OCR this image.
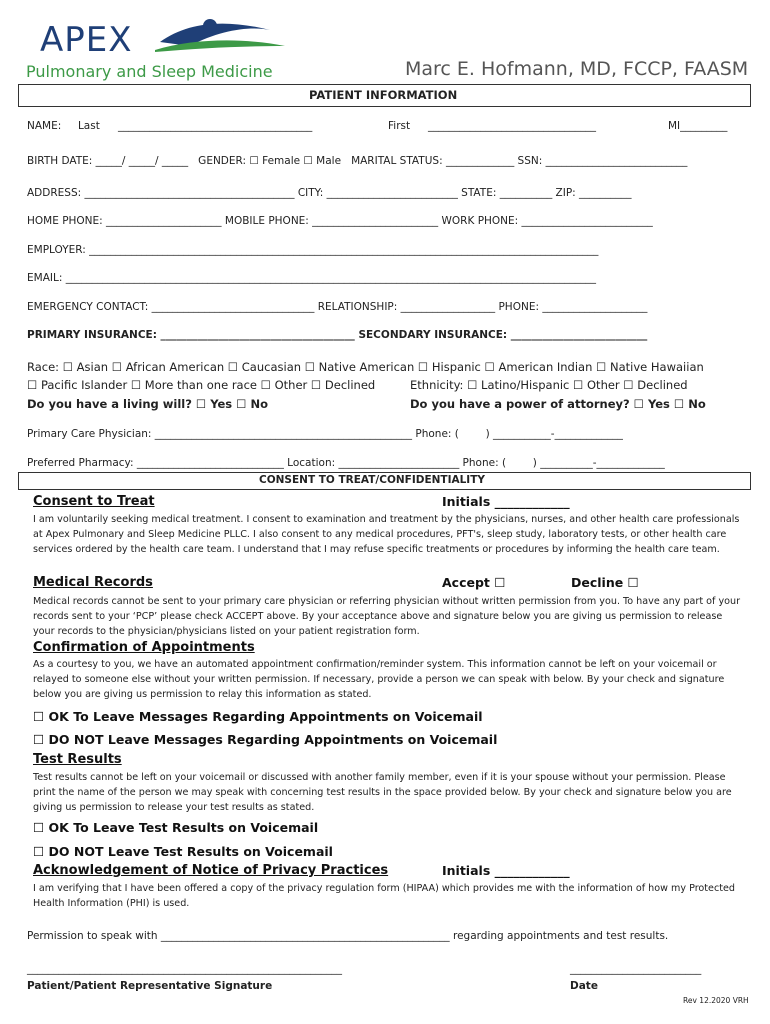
APEX
Pulmonary and Sleep Medicine	Marc E. Hofmann, MD, FCCP, FAASM
PATIENT INFORMATION
NAME:     Last _____________________________________	First ________________________________	MI_________
BIRTH DATE: _____/ _____/ _____   GENDER: ☐ Female ☐ Male   MARITAL STATUS: _____________ SSN: ___________________________
ADDRESS: ________________________________________ CITY: _________________________ STATE: __________ ZIP: __________
HOME PHONE: ______________________ MOBILE PHONE: ________________________ WORK PHONE: _________________________
EMPLOYER: _________________________________________________________________________________________________
EMAIL: _____________________________________________________________________________________________________
EMERGENCY CONTACT: _______________________________ RELATIONSHIP: __________________ PHONE: ____________________
PRIMARY INSURANCE: _____________________________________ SECONDARY INSURANCE: __________________________
Race: ☐ Asian ☐ African American ☐ Caucasian ☐ Native American ☐ Hispanic ☐ American Indian ☐ Native Hawaiian
☐ Pacific Islander ☐ More than one race ☐ Other ☐ Declined	Ethnicity: ☐ Latino/Hispanic ☐ Other ☐ Declined
Do you have a living will? ☐ Yes ☐ No	Do you have a power of attorney? ☐ Yes ☐ No
Primary Care Physician: _________________________________________________ Phone: (        ) ___________-_____________
Preferred Pharmacy: ____________________________ Location: _______________________ Phone: (        ) __________-_____________
CONSENT TO TREAT/CONFIDENTIALITY
Consent to Treat	Initials ____________
I am voluntarily seeking medical treatment. I consent to examination and treatment by the physicians, nurses, and other health care professionals at Apex Pulmonary and Sleep Medicine PLLC. I also consent to any medical procedures, PFT's, sleep study, laboratory tests, or other health care services ordered by the health care team. I understand that I may refuse specific treatments or procedures by informing the health care team.
Medical Records	Accept ☐	Decline ☐
Medical records cannot be sent to your primary care physician or referring physician without written permission from you. To have any part of your records sent to your ‘PCP’ please check ACCEPT above. By your acceptance above and signature below you are giving us permission to release your records to the physician/physicians listed on your patient registration form.
Confirmation of Appointments
As a courtesy to you, we have an automated appointment confirmation/reminder system. This information cannot be left on your voicemail or relayed to someone else without your written permission. If necessary, provide a person we can speak with below. By your check and signature below you are giving us permission to relay this information as stated.
☐ OK To Leave Messages Regarding Appointments on Voicemail
☐ DO NOT Leave Messages Regarding Appointments on Voicemail
Test Results
Test results cannot be left on your voicemail or discussed with another family member, even if it is your spouse without your permission. Please print the name of the person we may speak with concerning test results in the space provided below. By your check and signature below you are giving us permission to release your test results as stated.
☐ OK To Leave Test Results on Voicemail
☐ DO NOT Leave Test Results on Voicemail
Acknowledgement of Notice of Privacy Practices	Initials ____________
I am verifying that I have been offered a copy of the privacy regulation form (HIPAA) which provides me with the information of how my Protected Health Information (PHI) is used.
Permission to speak with _______________________________________________________ regarding appointments and test results.
____________________________________________________________
Patient/Patient Representative Signature
_________________________
Date
Rev 12.2020 VRH
